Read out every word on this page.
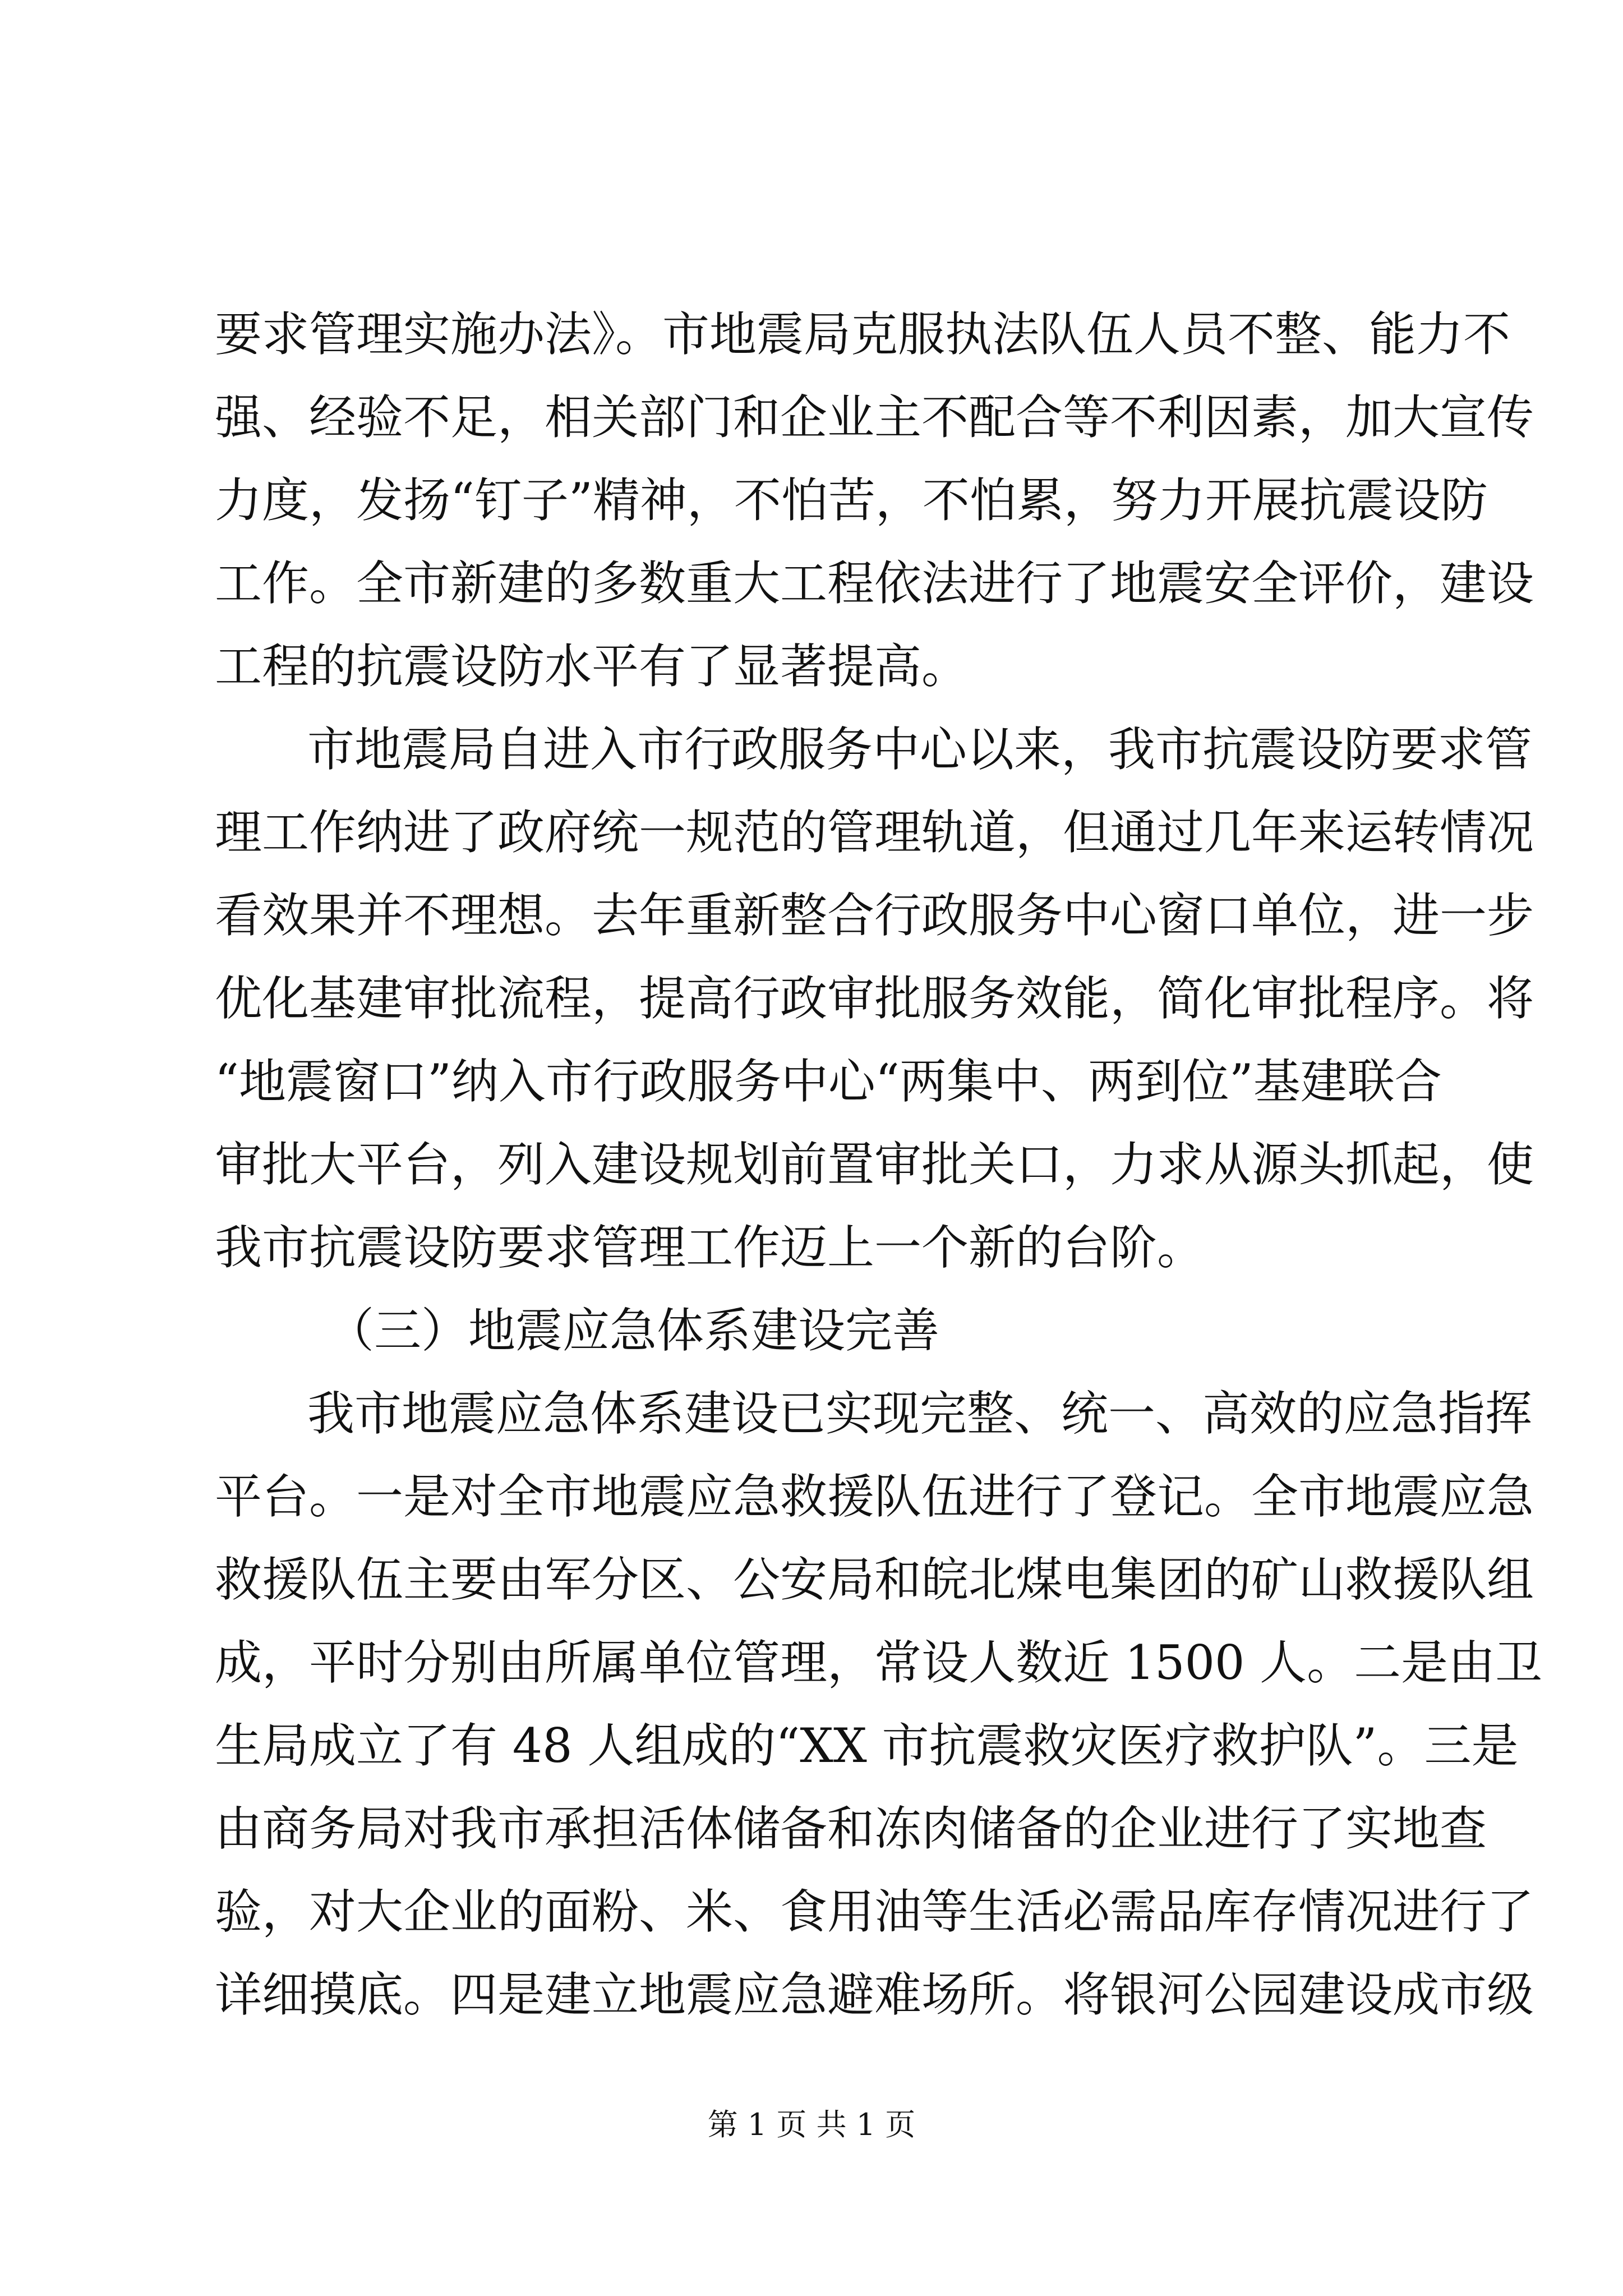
要求管理实施办法》。市地震局克服执法队伍人员不整、能力不
强、经验不足，相关部门和企业主不配合等不利因素，加大宣传
力度，发扬“钉子”精神，不怕苦，不怕累，努力开展抗震设防
工作。全市新建的多数重大工程依法进行了地震安全评价，建设
工程的抗震设防水平有了显著提高。
市地震局自进入市行政服务中心以来，我市抗震设防要求管
理工作纳进了政府统一规范的管理轨道，但通过几年来运转情况
看效果并不理想。去年重新整合行政服务中心窗口单位，进一步
优化基建审批流程，提高行政审批服务效能，简化审批程序。将
“地震窗口”纳入市行政服务中心“两集中、两到位”基建联合
审批大平台，列入建设规划前置审批关口，力求从源头抓起，使
我市抗震设防要求管理工作迈上一个新的台阶。
（三）地震应急体系建设完善
我市地震应急体系建设已实现完整、统一、高效的应急指挥
平台。一是对全市地震应急救援队伍进行了登记。全市地震应急
救援队伍主要由军分区、公安局和皖北煤电集团的矿山救援队组
成，平时分别由所属单位管理，常设人数近 1500 人。二是由卫
生局成立了有 48 人组成的“XX 市抗震救灾医疗救护队”。三是
由商务局对我市承担活体储备和冻肉储备的企业进行了实地查
验，对大企业的面粉、米、食用油等生活必需品库存情况进行了
详细摸底。四是建立地震应急避难场所。将银河公园建设成市级
第 1 页 共 1 页
